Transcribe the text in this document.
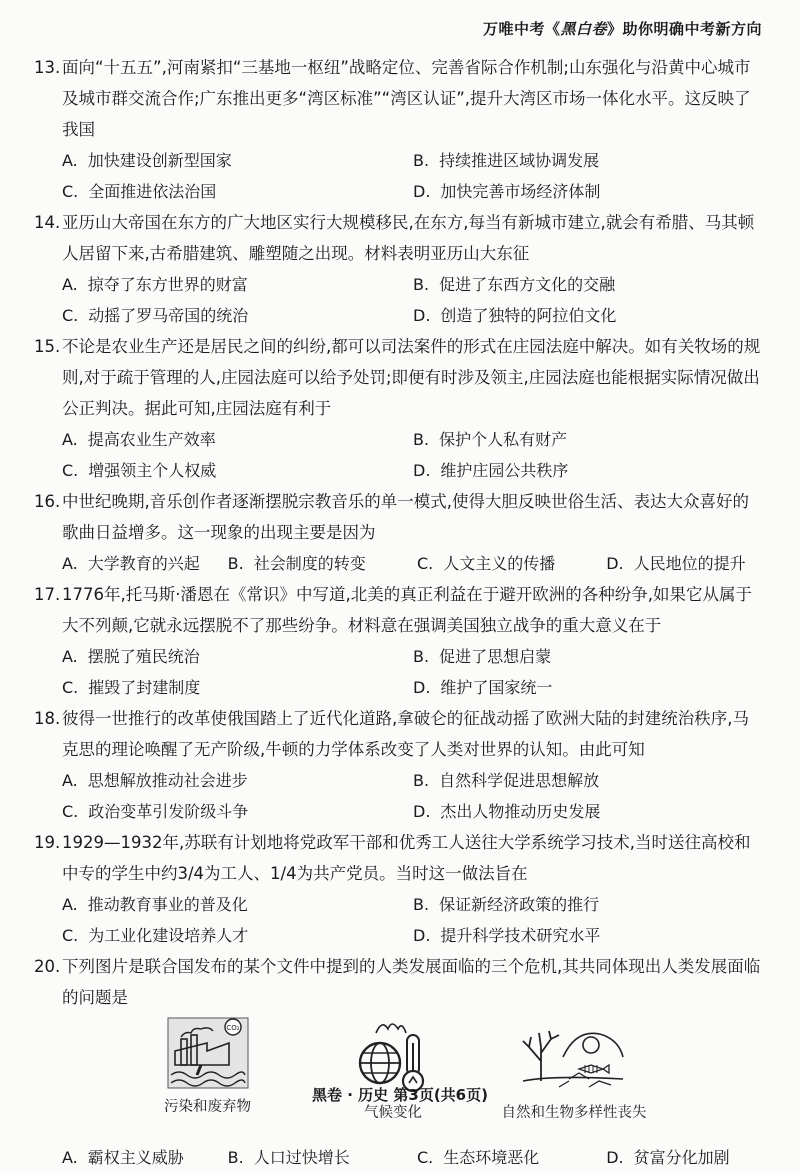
万唯中考《黑白卷》助你明确中考新方向
13. 面向“十五五”,河南紧扣“三基地一枢纽”战略定位、完善省际合作机制;山东强化与沿黄中心城市及城市群交流合作;广东推出更多“湾区标准”“湾区认证”,提升大湾区市场一体化水平。这反映了我国
A. 加快建设创新型国家	B. 持续推进区域协调发展
C. 全面推进依法治国	D. 加快完善市场经济体制
14. 亚历山大帝国在东方的广大地区实行大规模移民,在东方,每当有新城市建立,就会有希腊、马其顿人居留下来,古希腊建筑、雕塑随之出现。材料表明亚历山大东征
A. 掠夺了东方世界的财富	B. 促进了东西方文化的交融
C. 动摇了罗马帝国的统治	D. 创造了独特的阿拉伯文化
15. 不论是农业生产还是居民之间的纠纷,都可以司法案件的形式在庄园法庭中解决。如有关牧场的规则,对于疏于管理的人,庄园法庭可以给予处罚;即便有时涉及领主,庄园法庭也能根据实际情况做出公正判决。据此可知,庄园法庭有利于
A. 提高农业生产效率	B. 保护个人私有财产
C. 增强领主个人权威	D. 维护庄园公共秩序
16. 中世纪晚期,音乐创作者逐渐摆脱宗教音乐的单一模式,使得大胆反映世俗生活、表达大众喜好的歌曲日益增多。这一现象的出现主要是因为
A. 大学教育的兴起	B. 社会制度的转变	C. 人文主义的传播	D. 人民地位的提升
17. 1776年,托马斯·潘恩在《常识》中写道,北美的真正利益在于避开欧洲的各种纷争,如果它从属于大不列颠,它就永远摆脱不了那些纷争。材料意在强调美国独立战争的重大意义在于
A. 摆脱了殖民统治	B. 促进了思想启蒙
C. 摧毁了封建制度	D. 维护了国家统一
18. 彼得一世推行的改革使俄国踏上了近代化道路,拿破仑的征战动摇了欧洲大陆的封建统治秩序,马克思的理论唤醒了无产阶级,牛顿的力学体系改变了人类对世界的认知。由此可知
A. 思想解放推动社会进步	B. 自然科学促进思想解放
C. 政治变革引发阶级斗争	D. 杰出人物推动历史发展
19. 1929—1932年,苏联有计划地将党政军干部和优秀工人送往大学系统学习技术,当时送往高校和中专的学生中约3/4为工人、1/4为共产党员。当时这一做法旨在
A. 推动教育事业的普及化	B. 保证新经济政策的推行
C. 为工业化建设培养人才	D. 提升科学技术研究水平
20. 下列图片是联合国发布的某个文件中提到的人类发展面临的三个危机,其共同体现出人类发展面临的问题是
CO₂
污染和废弃物	气候变化	自然和生物多样性丧失
A. 霸权主义威胁	B. 人口过快增长	C. 生态环境恶化	D. 贫富分化加剧
黑卷 · 历史 第3页(共6页)
